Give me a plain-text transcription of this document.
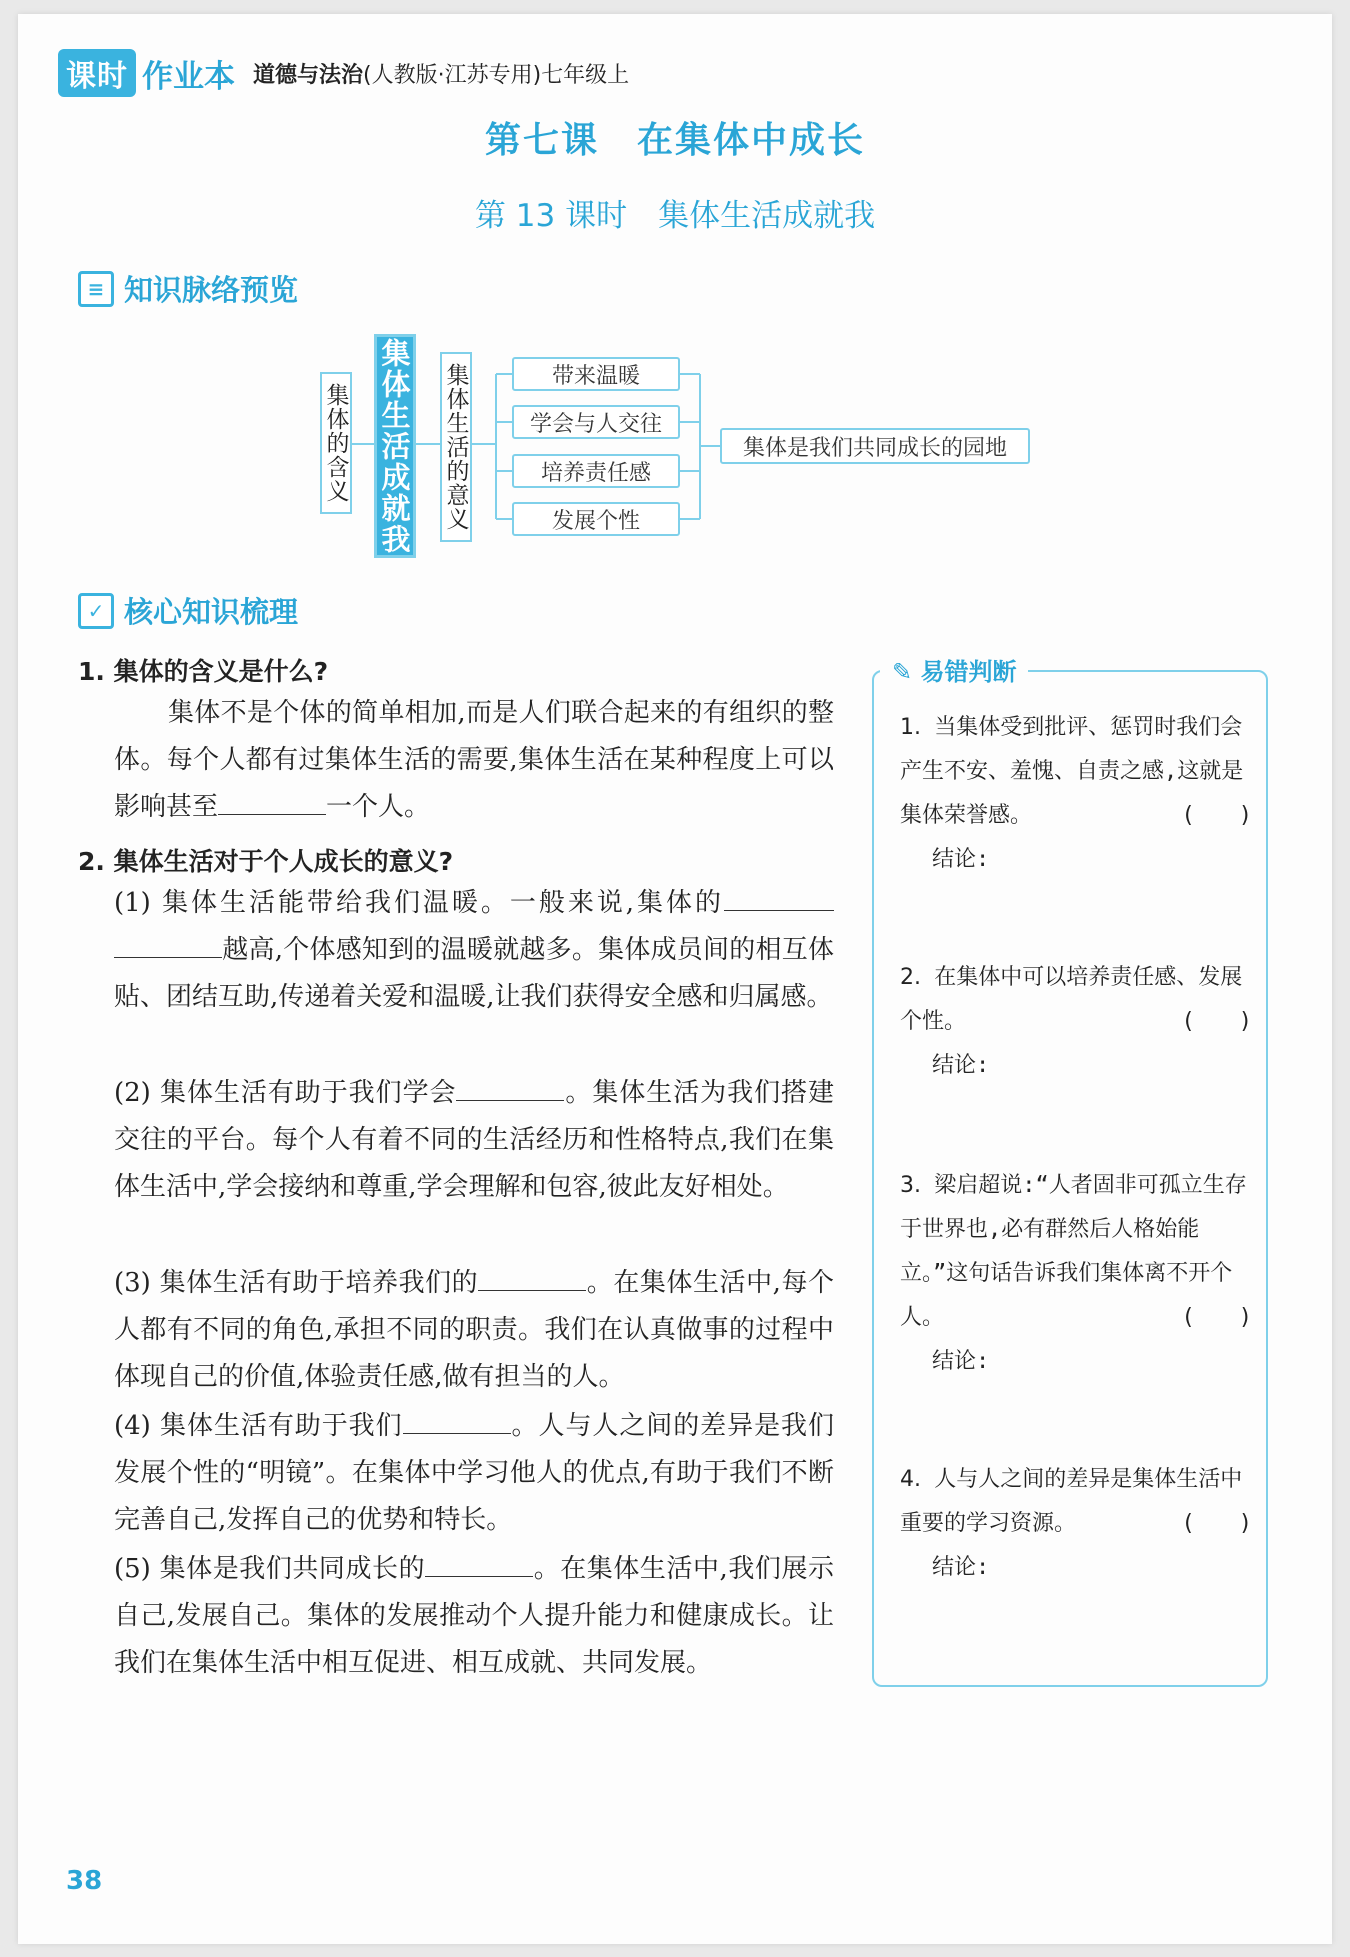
课时 作业本 道德与法治(人教版·江苏专用)七年级上
第七课　在集体中成长
第 13 课时　集体生活成就我
≡ 知识脉络预览
集体的含义 集体生活成就我 集体生活的意义	带来温暖
学会与人交往
培养责任感
发展个性
集体是我们共同成长的园地
✓ 核心知识梳理
1. 集体的含义是什么?
集体不是个体的简单相加,而是人们联合起来的有组织的整体。每个人都有过集体生活的需要,集体生活在某种程度上可以影响甚至	一个人。
2. 集体生活对于个人成长的意义?
(1) 集体生活能带给我们温暖。一般来说,集体的越高,个体感知到的温暖就越多。集体成员间的相互体贴、团结互助,传递着关爱和温暖,让我们获得安全感和归属感。
(2) 集体生活有助于我们学会	。集体生活为我们搭建交往的平台。每个人有着不同的生活经历和性格特点,我们在集体生活中,学会接纳和尊重,学会理解和包容,彼此友好相处。
(3) 集体生活有助于培养我们的	。在集体生活中,每个人都有不同的角色,承担不同的职责。我们在认真做事的过程中体现自己的价值,体验责任感,做有担当的人。
(4) 集体生活有助于我们	。人与人之间的差异是我们发展个性的“明镜”。在集体中学习他人的优点,有助于我们不断完善自己,发挥自己的优势和特长。
(5) 集体是我们共同成长的	。在集体生活中,我们展示自己,发展自己。集体的发展推动个人提升能力和健康成长。让我们在集体生活中相互促进、相互成就、共同发展。
✎ 易错判断
1. 当集体受到批评、惩罚时我们会产生不安、羞愧、自责之感,这就是集体荣誉感。	(　　)
结论:
2. 在集体中可以培养责任感、发展个性。	(　　)
结论:
3. 梁启超说:“人者固非可孤立生存于世界也,必有群然后人格始能立。”这句话告诉我们集体离不开个人。	(　　)
结论:
4. 人与人之间的差异是集体生活中重要的学习资源。	(　　)
结论:
38
